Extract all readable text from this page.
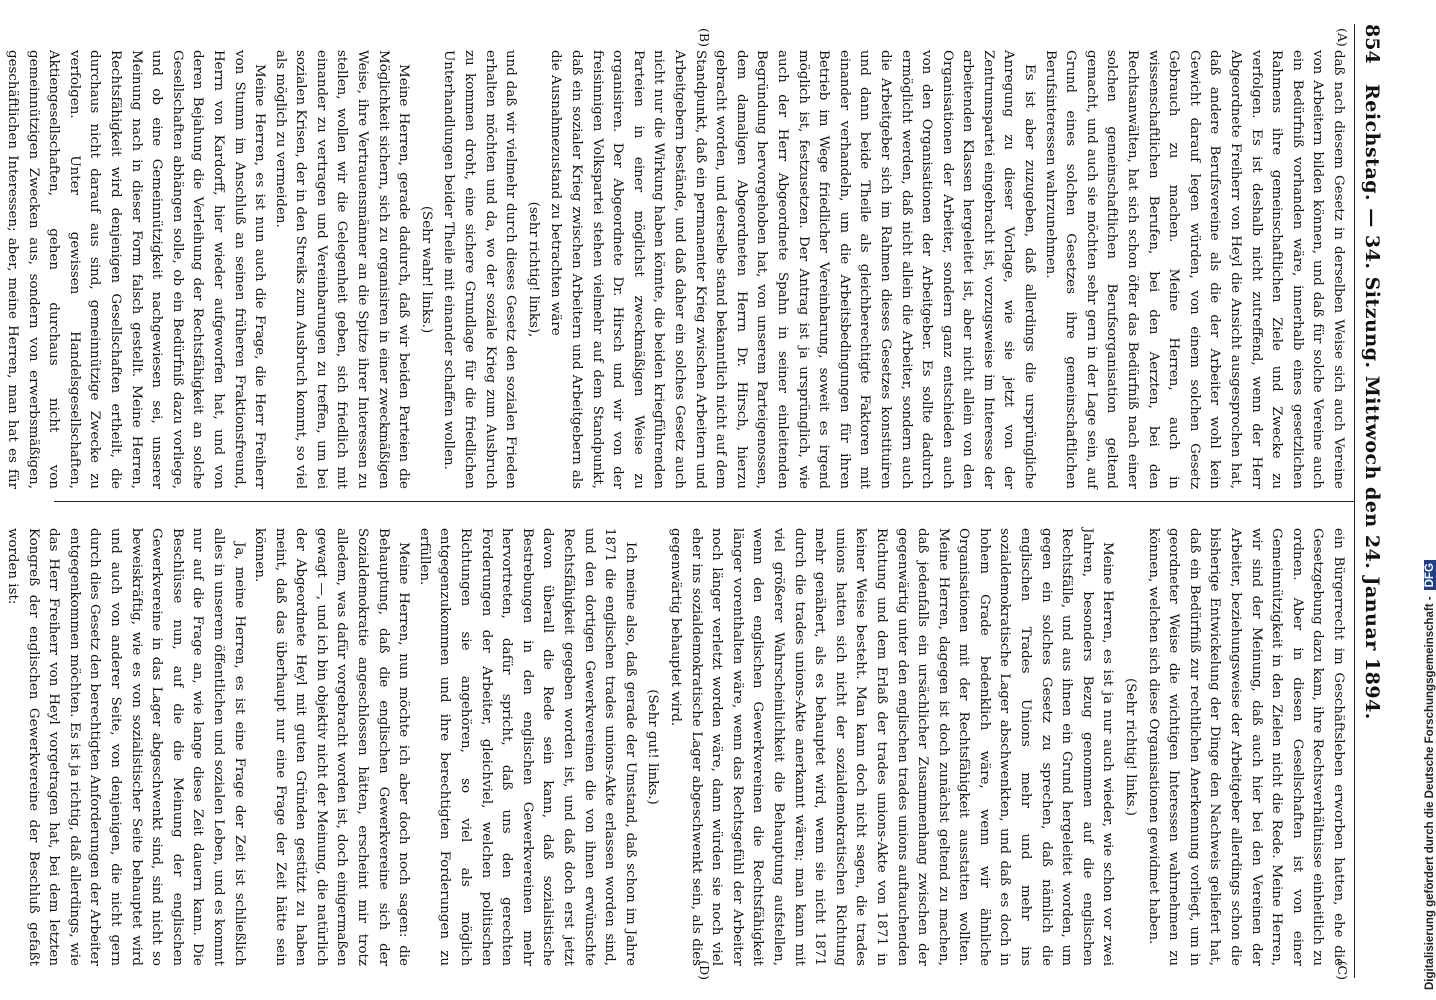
854
Reichstag. — 34. Sitzung. Mittwoch den 24. Januar 1894.
(A)
(B)

daß nach diesem Gesetz in derselben Weise sich auch Vereine von Arbeitern bilden können, und daß für solche Vereine auch ein Bedürfniß vorhanden wäre, innerhalb eines gesetzlichen Rahmens ihre gemeinschaftlichen Ziele und Zwecke zu verfolgen. Es ist deshalb nicht zutreffend, wenn der Herr Abgeordnete Freiherr von Heyl die Ansicht ausgesprochen hat, daß andere Berufsvereine als die der Arbeiter wohl kein Gewicht darauf legen würden, von einem solchen Gesetz Gebrauch zu machen. Meine Herren, auch in wissenschaftlichen Berufen, bei den Aerzten, bei den Rechtsanwälten, hat sich schon öfter das Bedürfniß nach einer solchen gemeinschaftlichen Berufsorganisation geltend gemacht, und auch sie möchten sehr gern in der Lage sein, auf Grund eines solchen Gesetzes ihre gemeinschaftlichen Berufsinteressen wahrzunehmen.

Es ist aber zuzugeben, daß allerdings die ursprüngliche Anregung zu dieser Vorlage, wie sie jetzt von der Zentrumspartei eingebracht ist, vorzugsweise im Interesse der arbeitenden Klassen hergeleitet ist, aber nicht allein von den Organisationen der Arbeiter, sondern ganz entschieden auch von den Organisationen der Arbeitgeber. Es sollte dadurch ermöglicht werden, daß nicht allein die Arbeiter, sondern auch die Arbeitgeber sich im Rahmen dieses Gesetzes konstituiren und dann beide Theile als gleichberechtigte Faktoren mit einander verhandeln, um die Arbeitsbedingungen für ihren Betrieb im Wege friedlicher Vereinbarung, soweit es irgend möglich ist, festzusetzen. Der Antrag ist ja ursprünglich, wie auch der Herr Abgeordnete Spahn in seiner einleitenden Begründung hervorgehoben hat, von unserem Parteigenossen, dem damaligen Abgeordneten Herrn Dr. Hirsch, hierzu gebracht worden, und derselbe stand bekanntlich nicht auf dem Standpunkt, daß ein permanenter Krieg zwischen Arbeitern und Arbeitgebern bestände, und daß daher ein solches Gesetz auch nicht nur die Wirkung haben könnte, die beiden kriegführenden Parteien in einer möglichst zweckmäßigen Weise zu organisiren. Der Abgeordnete Dr. Hirsch und wir von der freisinnigen Volkspartei stehen vielmehr auf dem Standpunkt, daß ein sozialer Krieg zwischen Arbeitern und Arbeitgebern als die Ausnahmezustand zu betrachten wäre

(sehr richtig! links),

und daß wir vielmehr durch dieses Gesetz den sozialen Frieden erhalten möchten und da, wo der soziale Krieg zum Ausbruch zu kommen droht, eine sichere Grundlage für die friedlichen Unterhandlungen beider Theile mit einander schaffen wollen.

(Sehr wahr! links.)

Meine Herren, gerade dadurch, daß wir beiden Parteien die Möglichkeit sichern, sich zu organisiren in einer zweckmäßigen Weise, ihre Vertrauensmänner an die Spitze ihrer Interessen zu stellen, wollen wir die Gelegenheit geben, sich friedlich mit einander zu vertragen und Vereinbarungen zu treffen, um bei sozialen Krisen, der in den Streiks zum Ausbruch kommt, so viel als möglich zu vermeiden.

Meine Herren, es ist nun auch die Frage, die Herr Freiherr von Stumm im Anschluß an seinen früheren Fraktionsfreund, Herrn von Kardorff, hier wieder aufgeworfen hat, und von deren Bejahung die Verleihung der Rechtsfähigkeit an solche Gesellschaften abhängen solle, ob ein Bedürfniß dazu vorliege, und ob eine Gemeinnützigkeit nachgewiesen sei, unserer Meinung nach in dieser Form falsch gestellt. Meine Herren, Rechtsfähigkeit wird denjenigen Gesellschaften ertheilt, die durchaus nicht darauf aus sind, gemeinnützige Zwecke zu verfolgen. Unter gewissen Handelsgesellschaften, Aktiengesellschaften, gehen durchaus nicht von gemeinnützigen Zwecken aus, sondern von erwerbsmäßigen, geschäftlichen Interessen; aber, meine Herren, man hat es für

(C)
(D)

ein Bürgerrecht im Geschäftsleben erworben hatten, ehe die Gesetzgebung dazu kam, ihre Rechtsverhältnisse einheitlich zu ordnen. Aber in diesen Gesellschaften ist von einer Gemeinnützigkeit in den Zielen nicht die Rede. Meine Herren, wir sind der Meinung, daß auch hier bei den Vereinen der Arbeiter, beziehungsweise der Arbeitgeber allerdings schon die bisherige Entwickelung der Dinge den Nachweis geliefert hat, daß ein Bedürfniß zur rechtlichen Anerkennung vorliegt, um in geordneter Weise die wichtigen Interessen wahrnehmen zu können, welchen sich diese Organisationen gewidmet haben.

(Sehr richtig! links.)

Meine Herren, es ist ja nur auch wieder, wie schon vor zwei Jahren, besonders Bezug genommen auf die englischen Rechtsfälle, und aus ihnen ein Grund hergeleitet worden, um gegen ein solches Gesetz zu sprechen, daß nämlich die englischen Trades Unions mehr und mehr ins sozialdemokratische Lager abschwenkten, und daß es doch in hohem Grade bedenklich wäre, wenn wir ähnliche Organisationen mit der Rechtsfähigkeit ausstatten wollten. Meine Herren, dagegen ist doch zunächst geltend zu machen, daß jedenfalls ein ursächlicher Zusammenhang zwischen der gegenwärtig unter den englischen trades unions auftauchenden Richtung und dem Erlaß der trades unions-Akte von 1871 in keiner Weise besteht. Man kann doch nicht sagen, die trades unions hatten sich nicht der sozialdemokratischen Richtung mehr genähert, als es behauptet wird, wenn sie nicht 1871 durch die trades unions-Akte anerkannt wären; man kann mit viel größerer Wahrscheinlichkeit die Behauptung aufstellen, wenn den englischen Gewerkvereinen die Rechtsfähigkeit länger vorenthalten wäre, wenn das Rechtsgefühl der Arbeiter noch länger verletzt worden wäre, dann würden sie noch viel eher ins sozialdemokratische Lager abgeschwenkt sein, als dies gegenwärtig behauptet wird.

(Sehr gut! links.)

Ich meine also, daß gerade der Umstand, daß schon im Jahre 1871 die englischen trades unions-Akte erlassen worden sind, und den dortigen Gewerkvereinen die von ihnen erwünschte Rechtsfähigkeit gegeben worden ist, und daß doch erst jetzt davon überall die Rede sein kann, daß sozialistische Bestrebungen in den englischen Gewerkvereinen mehr hervortreten, dafür spricht, daß uns den gerechten Forderungen der Arbeiter, gleichviel, welchen politischen Richtungen sie angehören, so viel als möglich entgegenzukommen und ihre berechtigten Forderungen zu erfüllen.

Meine Herren, nun möchte ich aber doch noch sagen: die Behauptung, daß die englischen Gewerkvereine sich der Sozialdemokratie angeschlossen hätten, erscheint mir trotz alledem, was dafür vorgebracht worden ist, doch einigermaßen gewagt —, und ich bin objektiv nicht der Meinung, die natürlich der Abgeordnete Heyl mit guten Gründen gestützt zu haben meint, daß das überhaupt nur eine Frage der Zeit hätte sein können.

Ja, meine Herren, es ist eine Frage der Zeit ist schließlich alles in unserem öffentlichen und sozialen Leben, und es kommt nur auf die Frage an, wie lange diese Zeit dauern kann. Die Beschlüsse nun, auf die die Meinung der englischen Gewerkvereine in das Lager abgeschwenkt sind, sind nicht so beweiskräftig, wie es von sozialistischer Seite behauptet wird und auch von anderer Seite, von denjenigen, die nicht gern durch dies Gesetz den berechtigten Anforderungen der Arbeiter entgegenkommen möchten. Es ist ja richtig, daß allerdings, wie das Herr Freiherr von Heyl vorgetragen hat, bei dem letzten Kongreß der englischen Gewerkvereine der Beschluß gefaßt worden ist:

Digitalisierung gefördert durch die Deutsche Forschungsgemeinschaft -DFG
